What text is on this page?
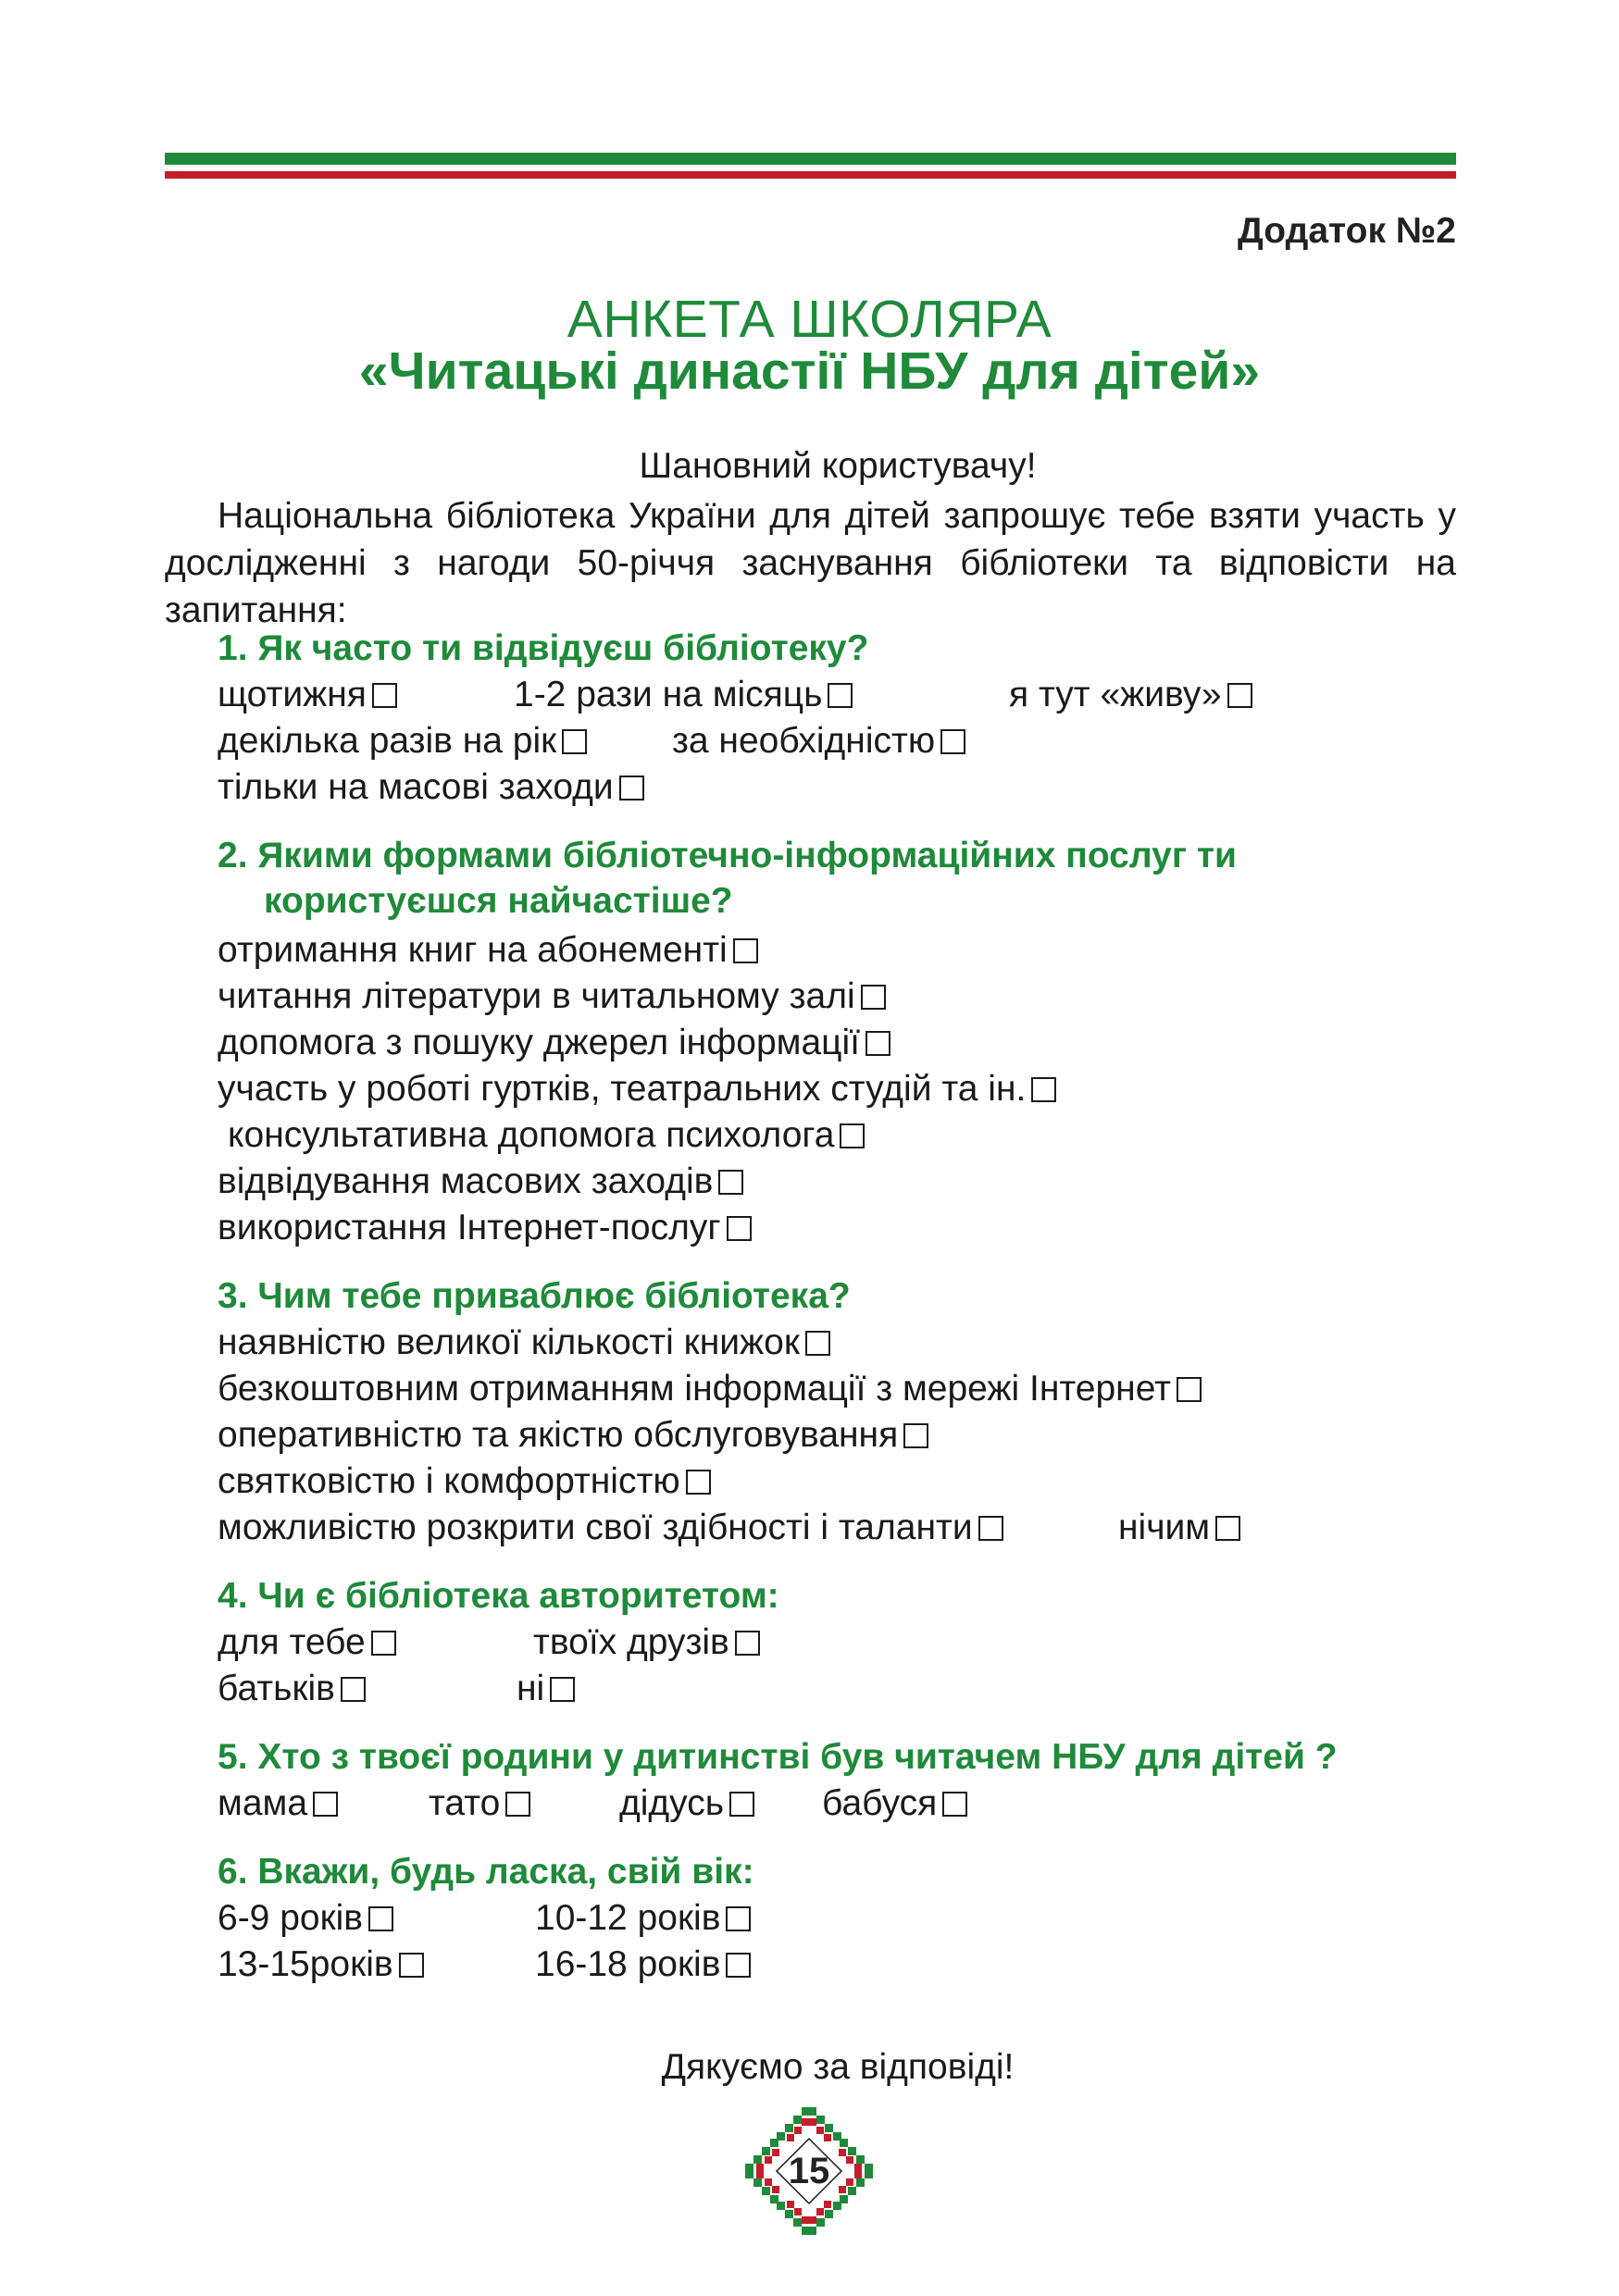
Додаток №2
АНКЕТА ШКОЛЯРА
«Читацькі династії НБУ для дітей»
Шановний користувачу!

Національна бібліотека України для дітей запрошує тебе взяти участь у дослідженні з нагоди 50-річчя заснування бібліотеки та відповісти на запитання:

1. Як часто ти відвідуєш бібліотеку?
щотижня	1-2 рази на місяць	я тут «живу»
декілька разів на рік	за необхідністю
тільки на масові заходи
2. Якими формами бібліотечно-інформаційних послуг ти
користуєшся найчастіше?
отримання книг на абонементі
читання літератури в читальному залі
допомога з пошуку джерел інформації
участь у роботі гуртків, театральних студій та ін.
консультативна допомога психолога
відвідування масових заходів
використання Інтернет-послуг
3. Чим тебе приваблює бібліотека?
наявністю великої кількості книжок
безкоштовним отриманням інформації з мережі Інтернет
оперативністю та якістю обслуговування
святковістю і комфортністю
можливістю розкрити свої здібності і таланти	нічим
4. Чи є бібліотека авторитетом:
для тебе	твоїх друзів
батьків	ні
5. Хто з твоєї родини у дитинстві був читачем НБУ для дітей ?
мама	тато	дідусь	бабуся
6. Вкажи, будь ласка, свій вік:
6-9 років	10-12 років
13-15років	16-18 років
Дякуємо за відповіді!
15
